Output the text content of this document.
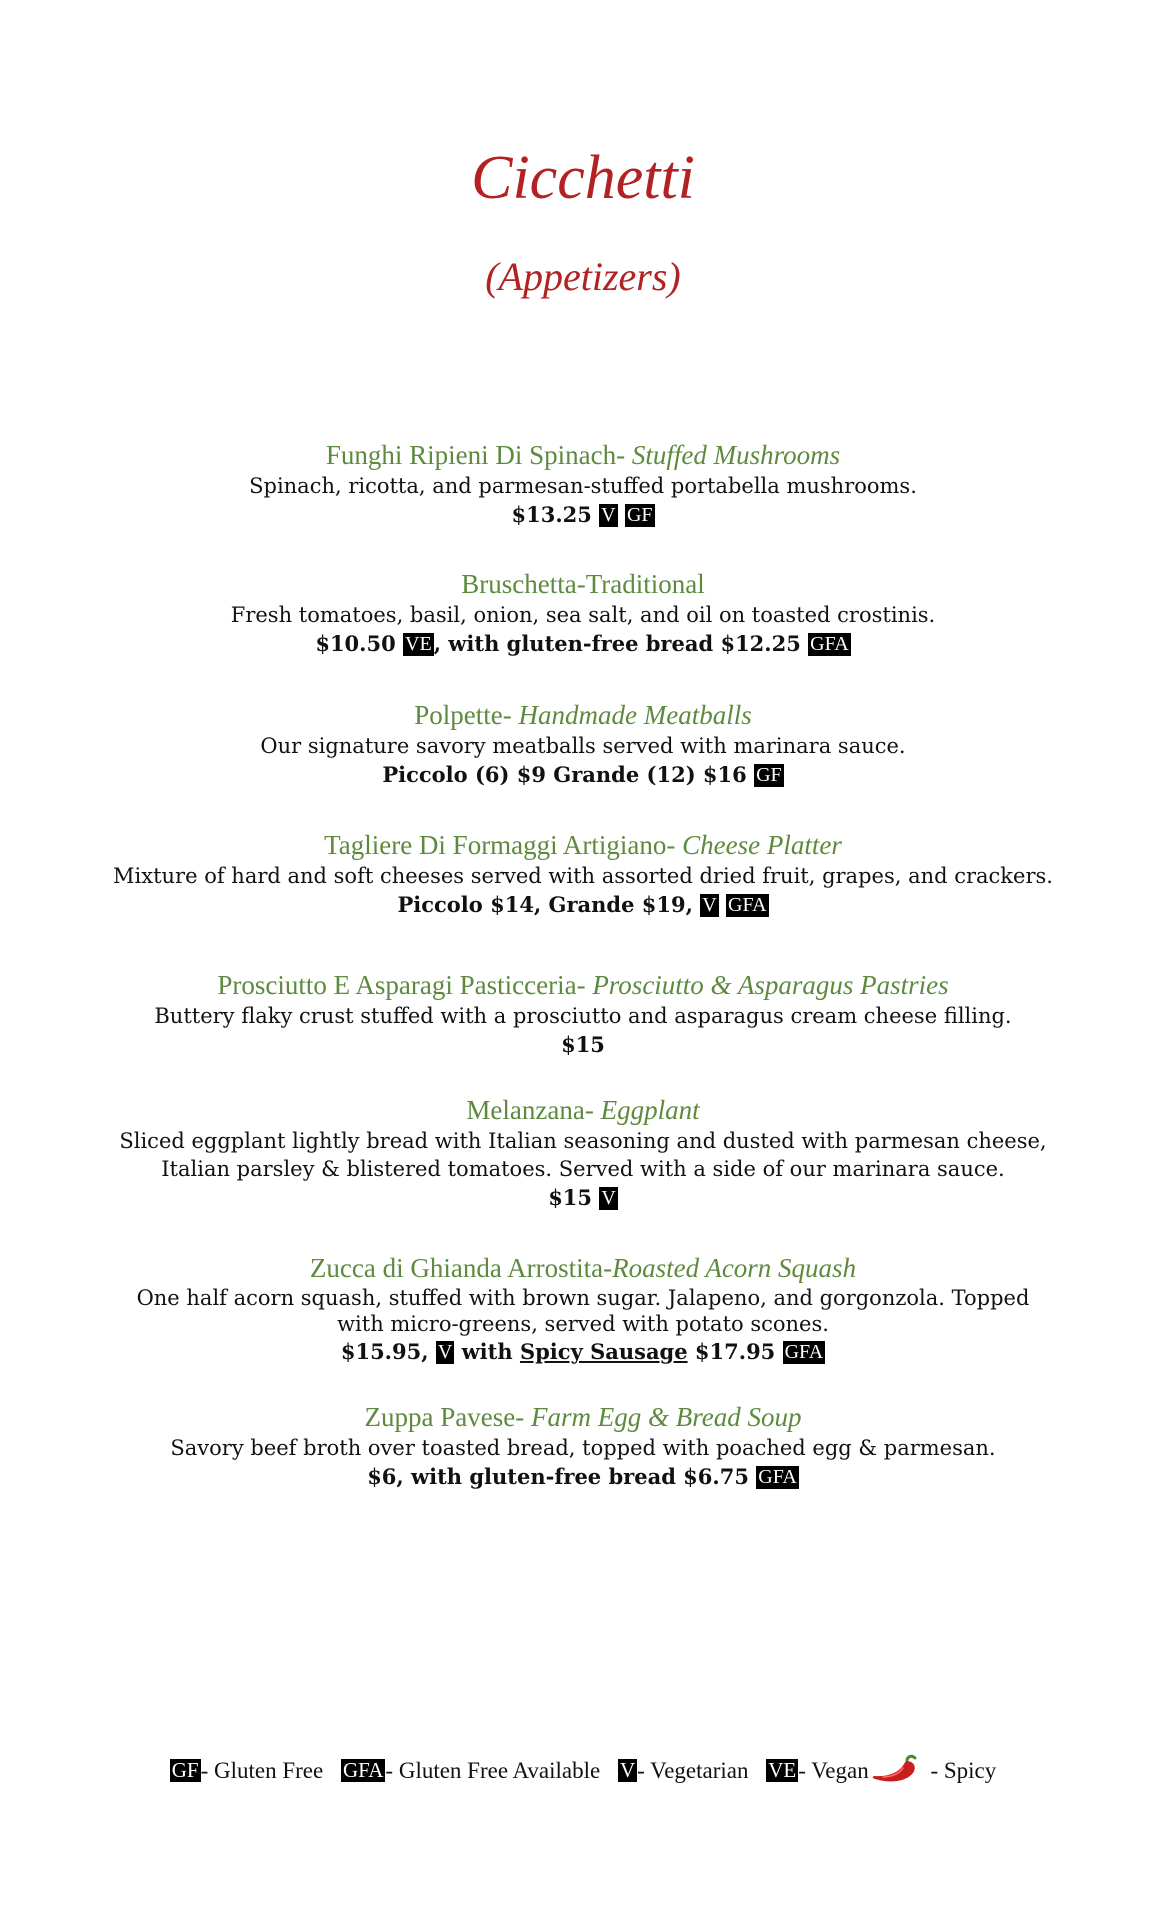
Cicchetti
(Appetizers)
Funghi Ripieni Di Spinach- Stuffed Mushrooms
Spinach, ricotta, and parmesan-stuffed portabella mushrooms.
$13.25 V GF
Bruschetta-Traditional
Fresh tomatoes, basil, onion, sea salt, and oil on toasted crostinis.
$10.50 VE, with gluten-free bread $12.25 GFA
Polpette- Handmade Meatballs
Our signature savory meatballs served with marinara sauce.
Piccolo (6) $9 Grande (12) $16 GF
Tagliere Di Formaggi Artigiano- Cheese Platter
Mixture of hard and soft cheeses served with assorted dried fruit, grapes, and crackers.
Piccolo $14, Grande $19, V GFA
Prosciutto E Asparagi Pasticceria- Prosciutto & Asparagus Pastries
Buttery flaky crust stuffed with a prosciutto and asparagus cream cheese filling.
$15
Melanzana- Eggplant
Sliced eggplant lightly bread with Italian seasoning and dusted with parmesan cheese,
Italian parsley & blistered tomatoes. Served with a side of our marinara sauce.
$15 V
Zucca di Ghianda Arrostita-Roasted Acorn Squash
One half acorn squash, stuffed with brown sugar. Jalapeno, and gorgonzola. Topped
with micro-greens, served with potato scones.
$15.95, V with Spicy Sausage $17.95 GFA
Zuppa Pavese- Farm Egg & Bread Soup
Savory beef broth over toasted bread, topped with poached egg & parmesan.
$6, with gluten-free bread $6.75 GFA
GF- Gluten Free GFA- Gluten Free Available V- Vegetarian VE- Vegan - Spicy
